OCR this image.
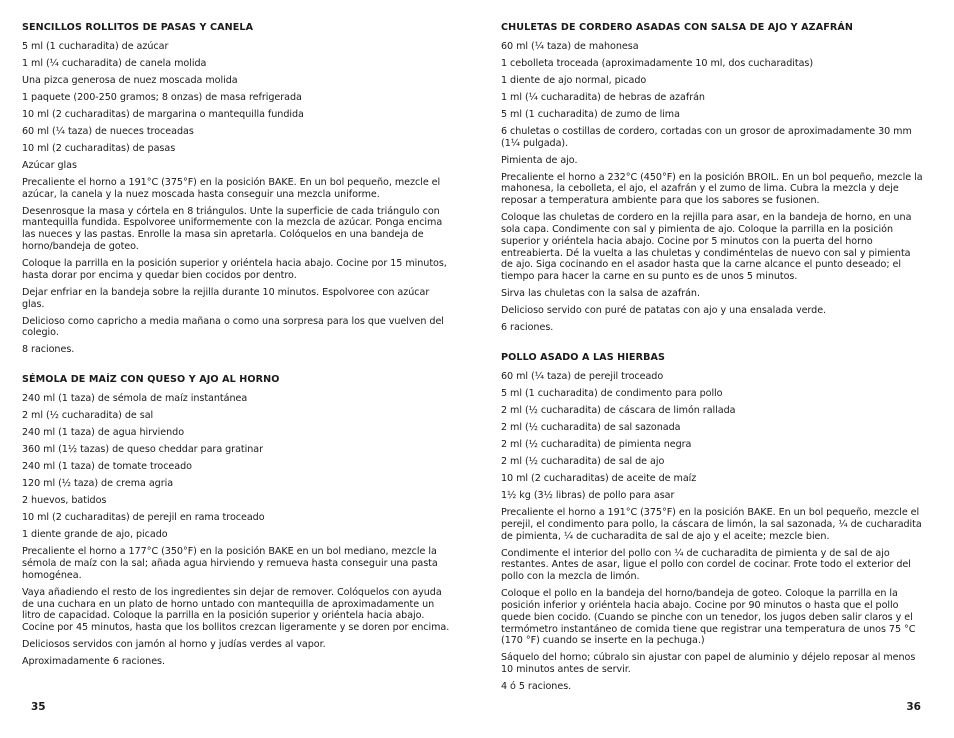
SENCILLOS ROLLITOS DE PASAS Y CANELA

5 ml (1 cucharadita) de azúcar

1 ml (¼ cucharadita) de canela molida

Una pizca generosa de nuez moscada molida

1 paquete (200-250 gramos; 8 onzas) de masa refrigerada

10 ml (2 cucharaditas) de margarina o mantequilla fundida

60 ml (¼ taza) de nueces troceadas

10 ml (2 cucharaditas) de pasas

Azúcar glas

Precaliente el horno a 191°C (375°F) en la posición BAKE. En un bol pequeño, mezcle el azúcar, la canela y la nuez moscada hasta conseguir una mezcla uniforme.

Desenrosque la masa y córtela en 8 triángulos. Unte la superficie de cada triángulo con mantequilla fundida. Espolvoree uniformemente con la mezcla de azúcar. Ponga encima las nueces y las pastas. Enrolle la masa sin apretarla. Colóquelos en una bandeja de horno/bandeja de goteo.

Coloque la parrilla en la posición superior y oriéntela hacia abajo. Cocine por 15 minutos, hasta dorar por encima y quedar bien cocidos por dentro.

Dejar enfriar en la bandeja sobre la rejilla durante 10 minutos. Espolvoree con azúcar glas.

Delicioso como capricho a media mañana o como una sorpresa para los que vuelven del colegio.

8 raciones.

SÉMOLA DE MAÍZ CON QUESO Y AJO AL HORNO

240 ml (1 taza) de sémola de maíz instantánea

2 ml (½ cucharadita) de sal

240 ml (1 taza) de agua hirviendo

360 ml (1½ tazas) de queso cheddar para gratinar

240 ml (1 taza) de tomate troceado

120 ml (½ taza) de crema agria

2 huevos, batidos

10 ml (2 cucharaditas) de perejil en rama troceado

1 diente grande de ajo, picado

Precaliente el horno a 177°C (350°F) en la posición BAKE en un bol mediano, mezcle la sémola de maíz con la sal; añada agua hirviendo y remueva hasta conseguir una pasta homogénea.

Vaya añadiendo el resto de los ingredientes sin dejar de remover. Colóquelos con ayuda de una cuchara en un plato de horno untado con mantequilla de aproximadamente un litro de capacidad. Coloque la parrilla en la posición superior y oriéntela hacia abajo. Cocine por 45 minutos, hasta que los bollitos crezcan ligeramente y se doren por encima.

Deliciosos servidos con jamón al horno y judías verdes al vapor.

Aproximadamente 6 raciones.

35
CHULETAS DE CORDERO ASADAS CON SALSA DE AJO Y AZAFRÁN

60 ml (¼ taza) de mahonesa

1 cebolleta troceada (aproximadamente 10 ml, dos cucharaditas)

1 diente de ajo normal, picado

1 ml (¼ cucharadita) de hebras de azafrán

5 ml (1 cucharadita) de zumo de lima

6 chuletas o costillas de cordero, cortadas con un grosor de aproximadamente 30 mm (1¼ pulgada).

Pimienta de ajo.

Precaliente el horno a 232°C (450°F) en la posición BROIL. En un bol pequeño, mezcle la mahonesa, la cebolleta, el ajo, el azafrán y el zumo de lima. Cubra la mezcla y deje reposar a temperatura ambiente para que los sabores se fusionen.

Coloque las chuletas de cordero en la rejilla para asar, en la bandeja de horno, en una sola capa. Condimente con sal y pimienta de ajo. Coloque la parrilla en la posición superior y oriéntela hacia abajo. Cocine por 5 minutos con la puerta del horno entreabierta. Dé la vuelta a las chuletas y condiméntelas de nuevo con sal y pimienta de ajo. Siga cocinando en el asador hasta que la carne alcance el punto deseado; el tiempo para hacer la carne en su punto es de unos 5 minutos.

Sirva las chuletas con la salsa de azafrán.

Delicioso servido con puré de patatas con ajo y una ensalada verde.

6 raciones.

POLLO ASADO A LAS HIERBAS

60 ml (¼ taza) de perejil troceado

5 ml (1 cucharadita) de condimento para pollo

2 ml (½ cucharadita) de cáscara de limón rallada

2 ml (½ cucharadita) de sal sazonada

2 ml (½ cucharadita) de pimienta negra

2 ml (½ cucharadita) de sal de ajo

10 ml (2 cucharaditas) de aceite de maíz

1½ kg (3½ libras) de pollo para asar

Precaliente el horno a 191°C (375°F) en la posición BAKE. En un bol pequeño, mezcle el perejil, el condimento para pollo, la cáscara de limón, la sal sazonada, ¼ de cucharadita de pimienta, ¼ de cucharadita de sal de ajo y el aceite; mezcle bien.

Condimente el interior del pollo con ¼ de cucharadita de pimienta y de sal de ajo restantes. Antes de asar, ligue el pollo con cordel de cocinar. Frote todo el exterior del pollo con la mezcla de limón.

Coloque el pollo en la bandeja del horno/bandeja de goteo. Coloque la parrilla en la posición inferior y oriéntela hacia abajo. Cocine por 90 minutos o hasta que el pollo quede bien cocido. (Cuando se pinche con un tenedor, los jugos deben salir claros y el termómetro instantáneo de comida tiene que registrar una temperatura de unos 75 °C (170 °F) cuando se inserte en la pechuga.)

Sáquelo del horno; cúbralo sin ajustar con papel de aluminio y déjelo reposar al menos 10 minutos antes de servir.

4 ó 5 raciones.

36
